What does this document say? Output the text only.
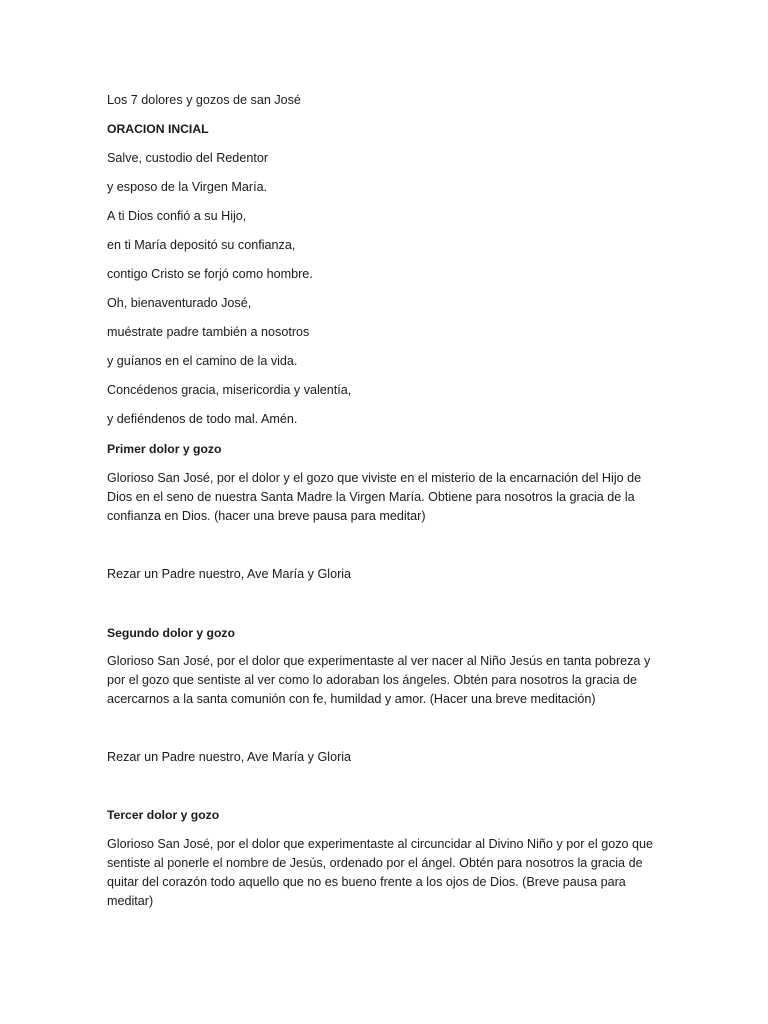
Los 7 dolores y gozos de san José
ORACION INCIAL
Salve, custodio del Redentor
y esposo de la Virgen María.
A ti Dios confió a su Hijo,
en ti María depositó su confianza,
contigo Cristo se forjó como hombre.
Oh, bienaventurado José,
muéstrate padre también a nosotros
y guíanos en el camino de la vida.
Concédenos gracia, misericordia y valentía,
y defiéndenos de todo mal. Amén.
Primer dolor y gozo
Glorioso San José, por el dolor y el gozo que viviste en el misterio de la encarnación del Hijo de Dios en el seno de nuestra Santa Madre la Virgen María. Obtiene para nosotros la gracia de la confianza en Dios. (hacer una breve pausa para meditar)
Rezar un Padre nuestro, Ave María y Gloria
Segundo dolor y gozo
Glorioso San José, por el dolor que experimentaste al ver nacer al Niño Jesús en tanta pobreza y por el gozo que sentiste al ver como lo adoraban los ángeles. Obtén para nosotros la gracia de acercarnos a la santa comunión con fe, humildad y amor. (Hacer una breve meditación)
Rezar un Padre nuestro, Ave María y Gloria
Tercer dolor y gozo
Glorioso San José, por el dolor que experimentaste al circuncidar al Divino Niño y por el gozo que sentiste al ponerle el nombre de Jesús, ordenado por el ángel. Obtén para nosotros la gracia de quitar del corazón todo aquello que no es bueno frente a los ojos de Dios. (Breve pausa para meditar)
